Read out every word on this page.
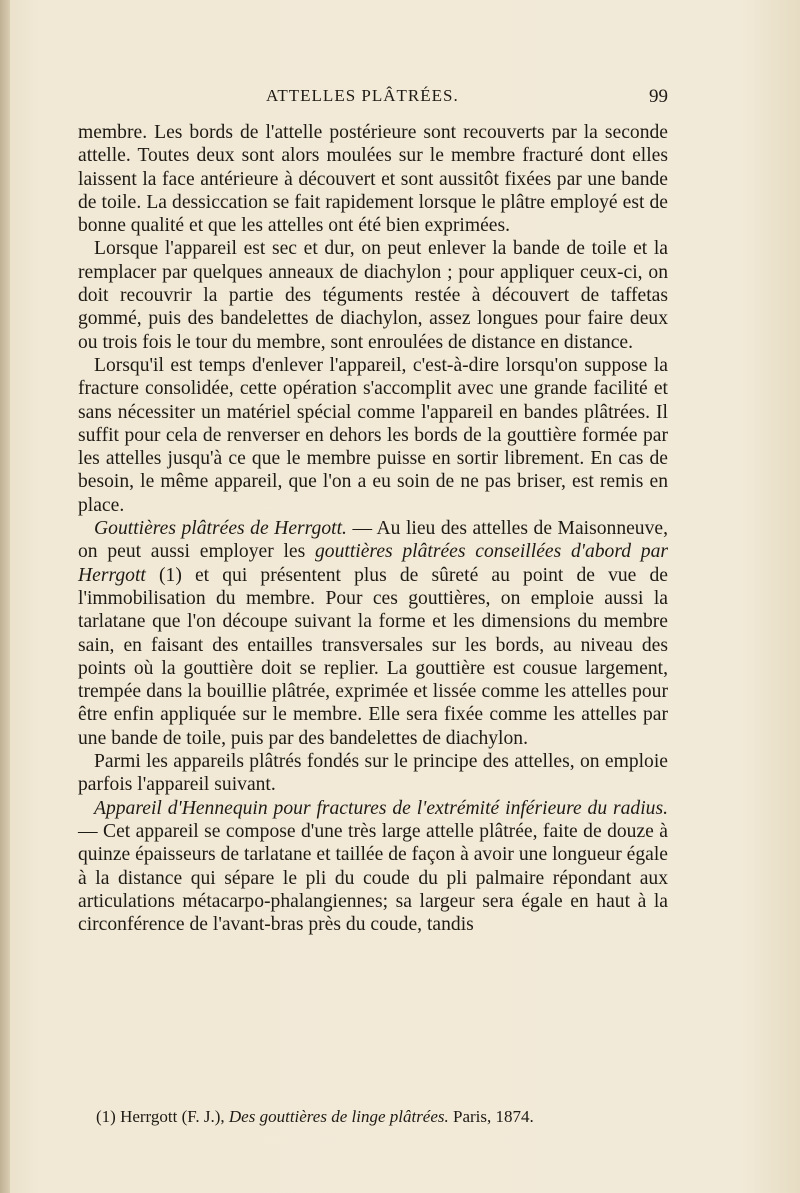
ATTELLES PLÂTRÉES.	99

membre. Les bords de l'attelle postérieure sont recouverts par la seconde attelle. Toutes deux sont alors moulées sur le membre fracturé dont elles laissent la face antérieure à découvert et sont aussitôt fixées par une bande de toile. La dessiccation se fait rapidement lorsque le plâtre employé est de bonne qualité et que les attelles ont été bien exprimées.

Lorsque l'appareil est sec et dur, on peut enlever la bande de toile et la remplacer par quelques anneaux de diachylon ; pour appliquer ceux-ci, on doit recouvrir la partie des téguments restée à découvert de taffetas gommé, puis des bandelettes de diachylon, assez longues pour faire deux ou trois fois le tour du membre, sont enroulées de distance en distance.

Lorsqu'il est temps d'enlever l'appareil, c'est-à-dire lorsqu'on suppose la fracture consolidée, cette opération s'accomplit avec une grande facilité et sans nécessiter un matériel spécial comme l'appareil en bandes plâtrées. Il suffit pour cela de renverser en dehors les bords de la gouttière formée par les attelles jusqu'à ce que le membre puisse en sortir librement. En cas de besoin, le même appareil, que l'on a eu soin de ne pas briser, est remis en place.

Gouttières plâtrées de Herrgott. — Au lieu des attelles de Maisonneuve, on peut aussi employer les gouttières plâtrées conseillées d'abord par Herrgott (1) et qui présentent plus de sûreté au point de vue de l'immobilisation du membre. Pour ces gouttières, on emploie aussi la tarlatane que l'on découpe suivant la forme et les dimensions du membre sain, en faisant des entailles transversales sur les bords, au niveau des points où la gouttière doit se replier. La gouttière est cousue largement, trempée dans la bouillie plâtrée, exprimée et lissée comme les attelles pour être enfin appliquée sur le membre. Elle sera fixée comme les attelles par une bande de toile, puis par des bandelettes de diachylon.

Parmi les appareils plâtrés fondés sur le principe des attelles, on emploie parfois l'appareil suivant.

Appareil d'Hennequin pour fractures de l'extrémité inférieure du radius. — Cet appareil se compose d'une très large attelle plâtrée, faite de douze à quinze épaisseurs de tarlatane et taillée de façon à avoir une longueur égale à la distance qui sépare le pli du coude du pli palmaire répondant aux articulations métacarpo-phalangiennes; sa largeur sera égale en haut à la circonférence de l'avant-bras près du coude, tandis

(1) Herrgott (F. J.), Des gouttières de linge plâtrées. Paris, 1874.
